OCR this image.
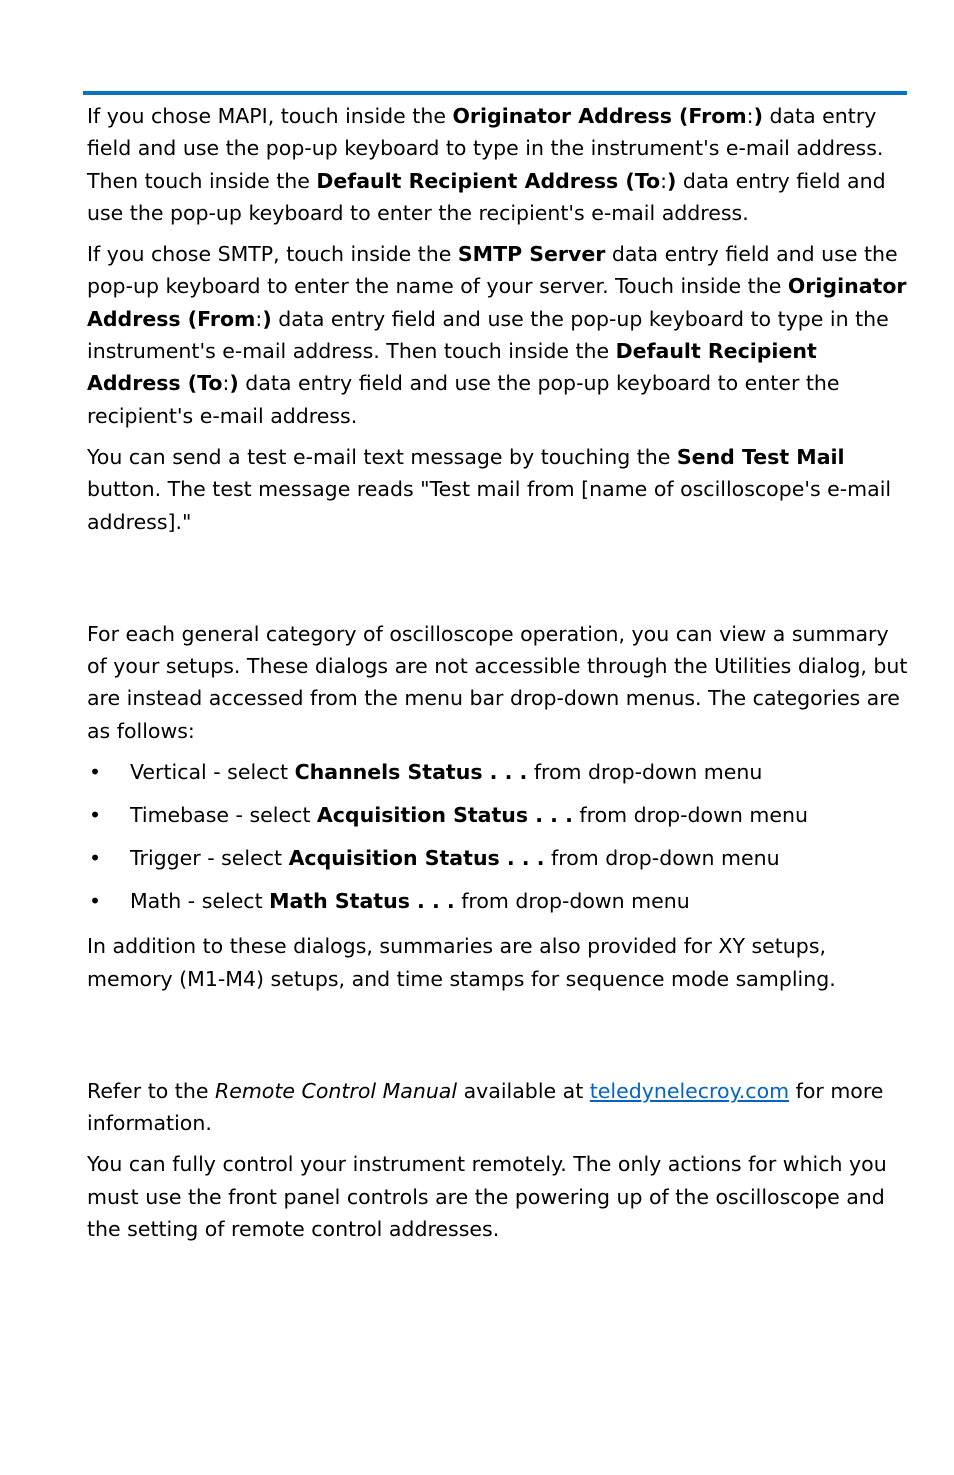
If you chose MAPI, touch inside the Originator Address (From:) data entry field and use the pop-up keyboard to type in the instrument's e-mail address. Then touch inside the Default Recipient Address (To:) data entry field and use the pop-up keyboard to enter the recipient's e-mail address.

If you chose SMTP, touch inside the SMTP Server data entry field and use the pop-up keyboard to enter the name of your server. Touch inside the Originator Address (From:) data entry field and use the pop-up keyboard to type in the instrument's e-mail address. Then touch inside the Default Recipient Address (To:) data entry field and use the pop-up keyboard to enter the recipient's e-mail address.

You can send a test e-mail text message by touching the Send Test Mail button. The test message reads "Test mail from [name of oscilloscope's e-mail address]."

For each general category of oscilloscope operation, you can view a summary of your setups. These dialogs are not accessible through the Utilities dialog, but are instead accessed from the menu bar drop-down menus. The categories are as follows:

• Vertical - select Channels Status . . . from drop-down menu
• Timebase - select Acquisition Status . . . from drop-down menu
• Trigger - select Acquisition Status . . . from drop-down menu
• Math - select Math Status . . . from drop-down menu

In addition to these dialogs, summaries are also provided for XY setups, memory (M1-M4) setups, and time stamps for sequence mode sampling.

Refer to the Remote Control Manual available at teledynelecroy.com for more information.

You can fully control your instrument remotely. The only actions for which you must use the front panel controls are the powering up of the oscilloscope and the setting of remote control addresses.
